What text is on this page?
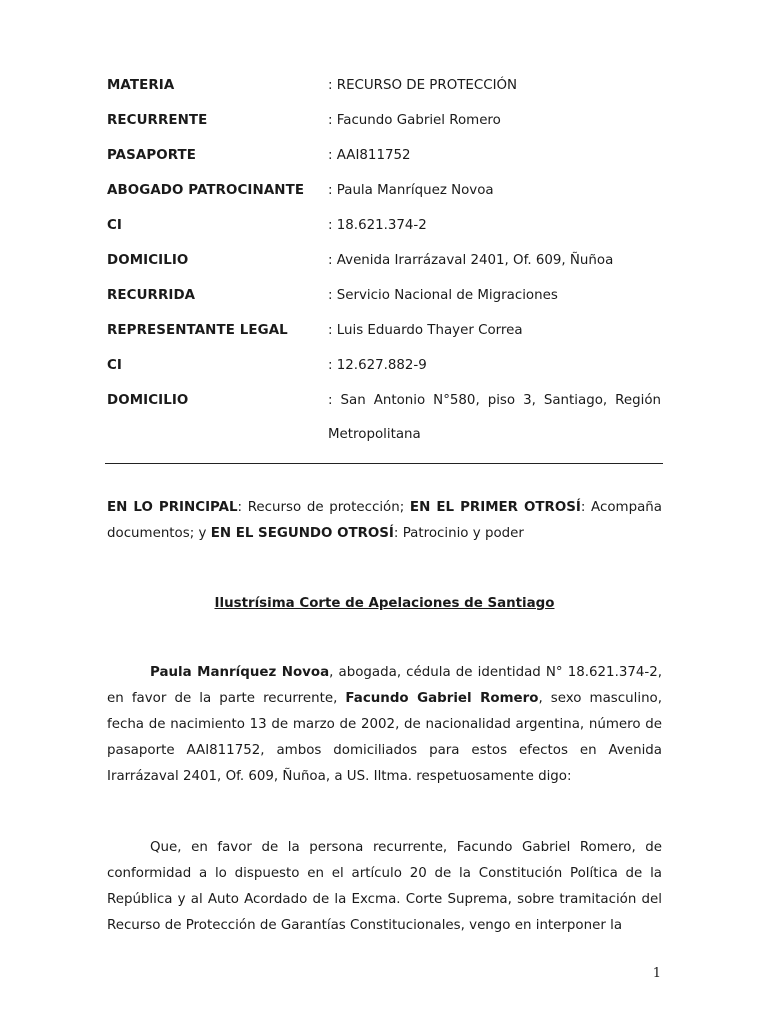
MATERIA	: RECURSO DE PROTECCIÓN
RECURRENTE	: Facundo Gabriel Romero
PASAPORTE	: AAI811752
ABOGADO PATROCINANTE : Paula Manríquez Novoa
CI	: 18.621.374-2
DOMICILIO	: Avenida Irarrázaval 2401, Of. 609, Ñuñoa
RECURRIDA	: Servicio Nacional de Migraciones
REPRESENTANTE LEGAL	: Luis Eduardo Thayer Correa
CI	: 12.627.882-9
DOMICILIO	: San Antonio N°580, piso 3, Santiago, Región Metropolitana
EN LO PRINCIPAL: Recurso de protección; EN EL PRIMER OTROSÍ: Acompaña documentos; y EN EL SEGUNDO OTROSÍ: Patrocinio y poder
Ilustrísima Corte de Apelaciones de Santiago
Paula Manríquez Novoa, abogada, cédula de identidad N° 18.621.374-2, en favor de la parte recurrente, Facundo Gabriel Romero, sexo masculino, fecha de nacimiento 13 de marzo de 2002, de nacionalidad argentina, número de pasaporte AAI811752, ambos domiciliados para estos efectos en Avenida Irarrázaval 2401, Of. 609, Ñuñoa, a US. Iltma. respetuosamente digo:
Que, en favor de la persona recurrente, Facundo Gabriel Romero, de conformidad a lo dispuesto en el artículo 20 de la Constitución Política de la República y al Auto Acordado de la Excma. Corte Suprema, sobre tramitación del Recurso de Protección de Garantías Constitucionales, vengo en interponer la
1
